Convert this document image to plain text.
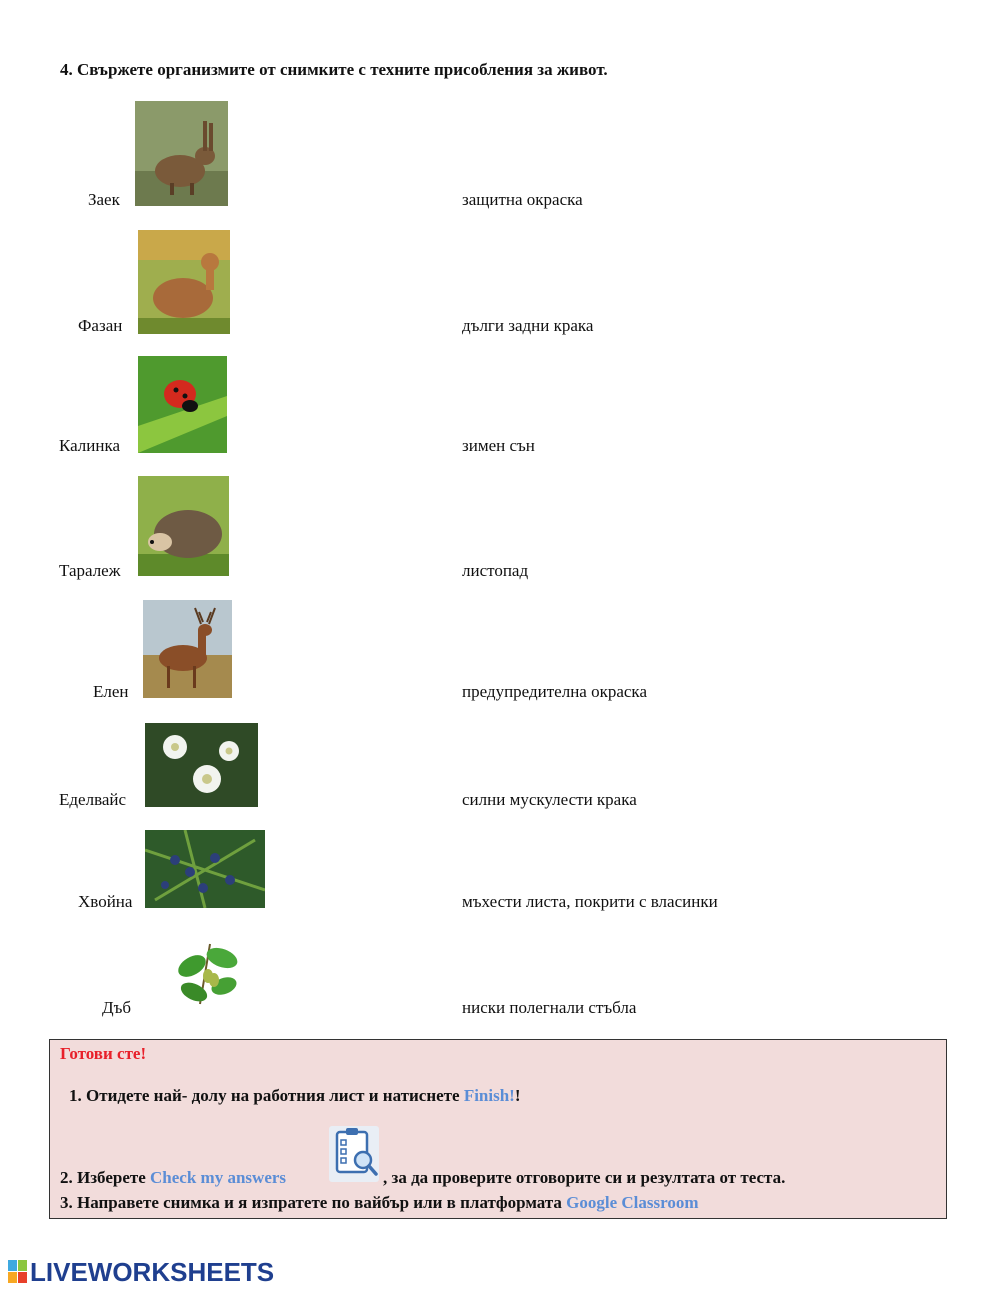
4. Свържете организмите от снимките с техните присобления за живот.
Заек	защитна окраска
Фазан	дълги задни крака
Калинка	зимен сън
Таралеж	листопад
Елен	предупредителна окраска
Еделвайс	силни мускулести крака
Хвойна	мъхести листа, покрити с власинки
Дъб	ниски полегнали стъбла
Готови сте!
1. Отидете най- долу на работния лист и натиснете Finish!!
2. Изберете Check my answers	, за да проверите отговорите си и резултата от теста.
3. Направете снимка и я изпратете по вайбър или в платформата Google Classroom
LIVEWORKSHEETS
